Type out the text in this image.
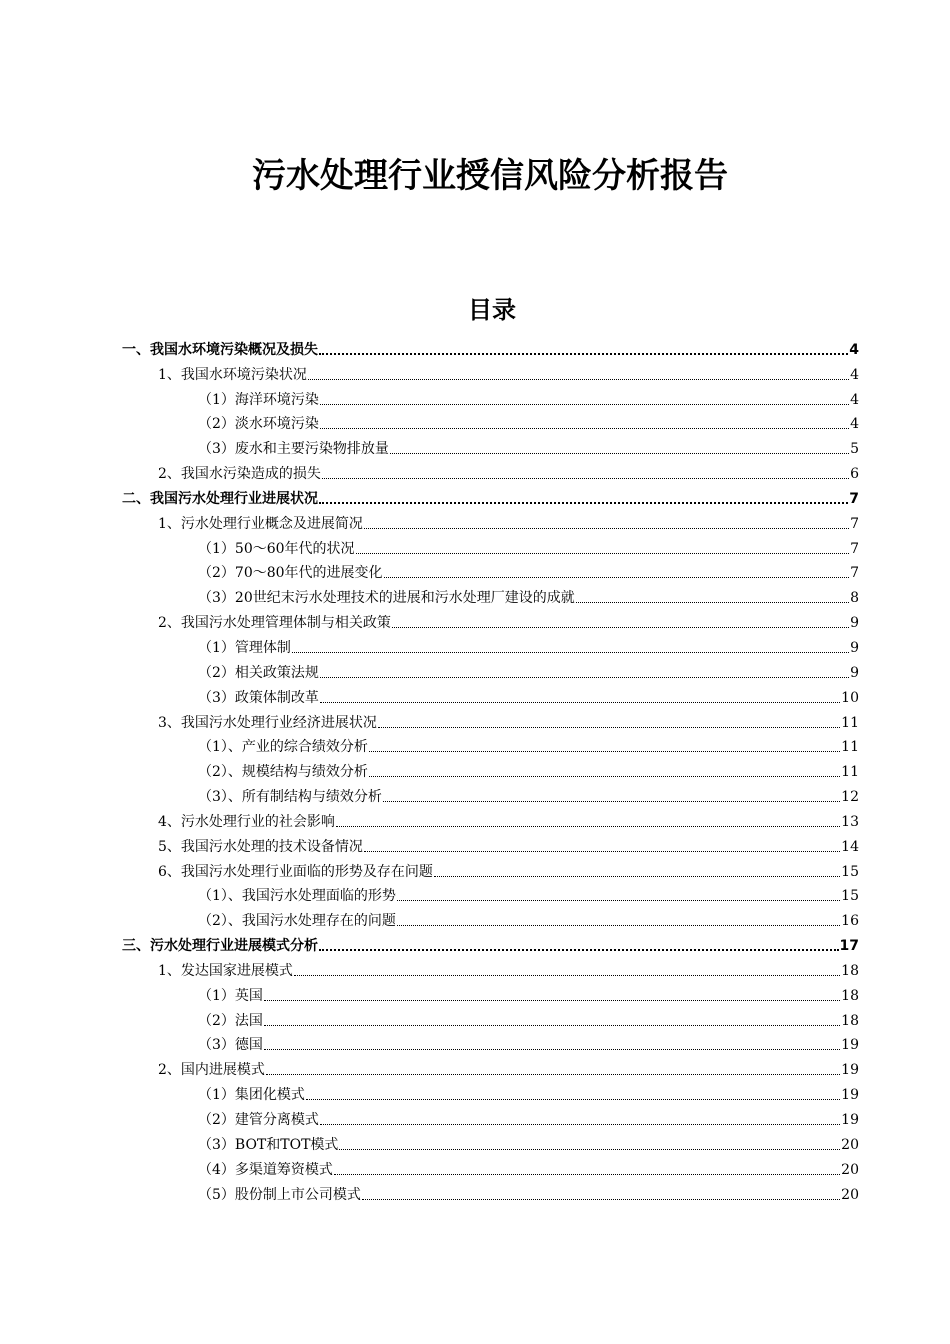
污水处理行业授信风险分析报告
目录
一、我国水环境污染概况及损失	4
1、我国水环境污染状况	4
（1）海洋环境污染	4
（2）淡水环境污染	4
（3）废水和主要污染物排放量	5
2、我国水污染造成的损失	6
二、我国污水处理行业进展状况	7
1、污水处理行业概念及进展简况	7
（1）50～60年代的状况	7
（2）70～80年代的进展变化	7
（3）20世纪末污水处理技术的进展和污水处理厂建设的成就	8
2、我国污水处理管理体制与相关政策	9
（1）管理体制	9
（2）相关政策法规	9
（3）政策体制改革	10
3、我国污水处理行业经济进展状况	11
（1）、产业的综合绩效分析	11
（2）、规模结构与绩效分析	11
（3）、所有制结构与绩效分析	12
4、污水处理行业的社会影响	13
5、我国污水处理的技术设备情况	14
6、我国污水处理行业面临的形势及存在问题	15
（1）、我国污水处理面临的形势	15
（2）、我国污水处理存在的问题	16
三、污水处理行业进展模式分析	17
1、发达国家进展模式	18
（1）英国	18
（2）法国	18
（3）德国	19
2、国内进展模式	19
（1）集团化模式	19
（2）建管分离模式	19
（3）BOT和TOT模式	20
（4）多渠道筹资模式	20
（5）股份制上市公司模式	20
